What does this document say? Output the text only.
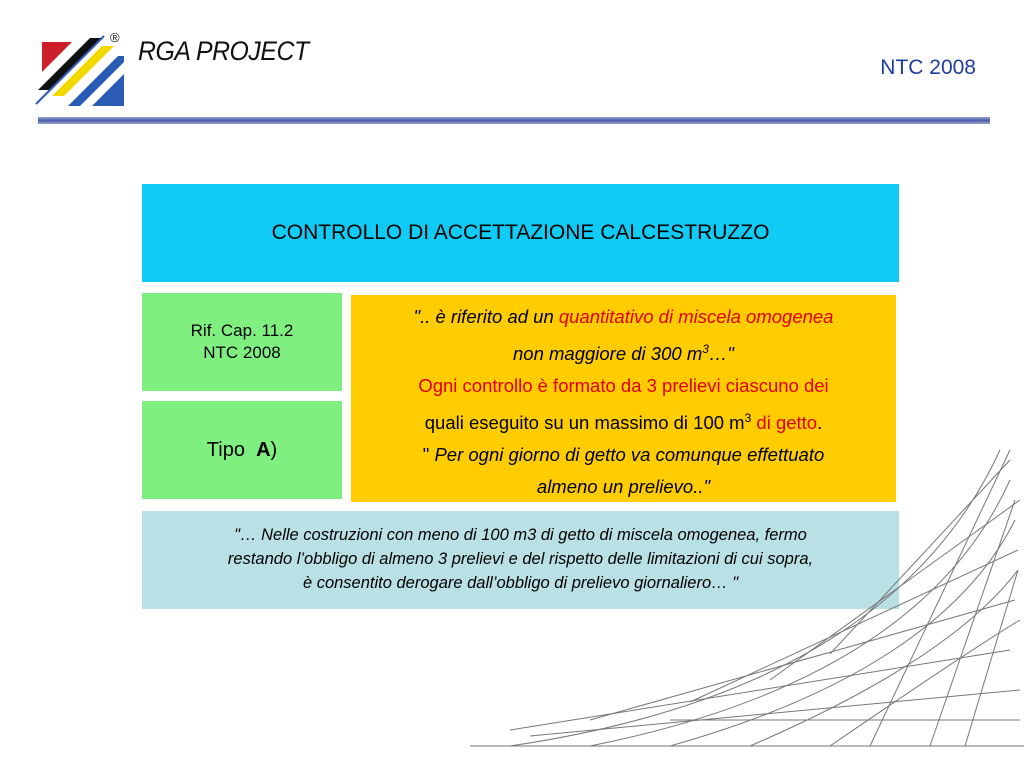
® RGA PROJECT
NTC 2008
CONTROLLO DI ACCETTAZIONE CALCESTRUZZO
Rif. Cap. 11.2
NTC 2008
Tipo
A )
".. è riferito ad un quantitativo di miscela omogenea
non maggiore di 300 $m^3\dots$"
Ogni controllo è formato da 3 prelievi ciascuno dei
quali eseguito su un massimo di 100 $m^3$ di getto.
" Per ogni giorno di getto va comunque effettuato
almeno un prelievo.."
"… Nelle costruzioni con meno di 100 m3 di getto di miscela omogenea, fermo
restando l’obbligo di almeno 3 prelievi e del rispetto delle limitazioni di cui sopra,
è consentito derogare dall’obbligo di prelievo giornaliero… "
